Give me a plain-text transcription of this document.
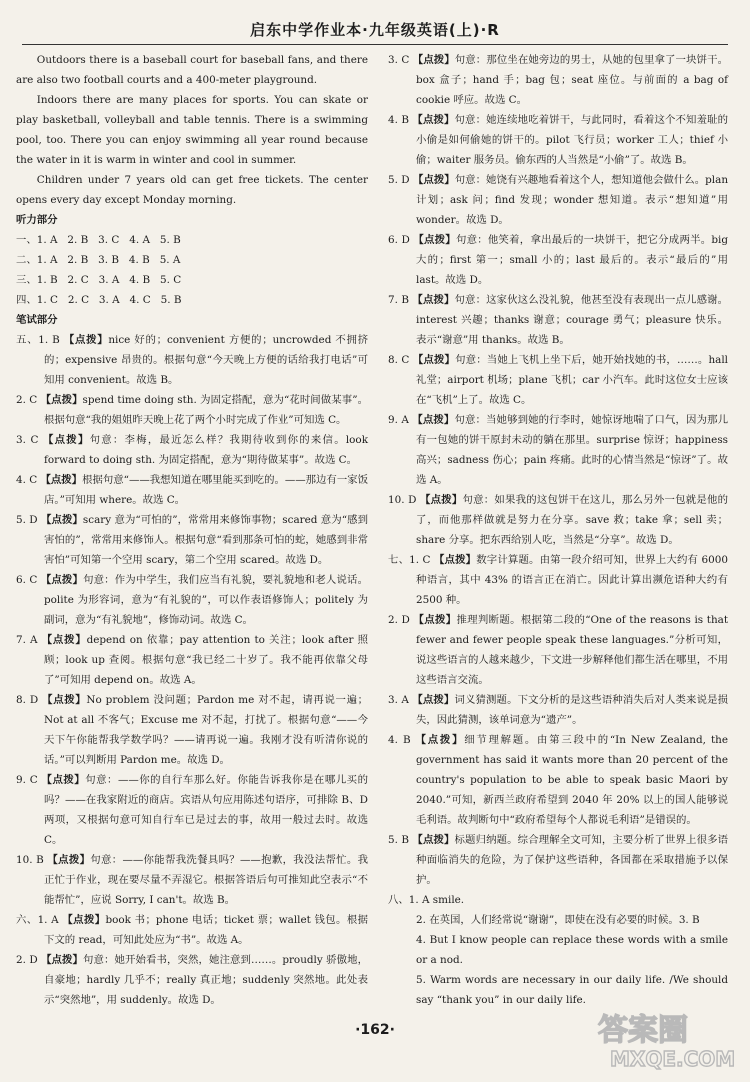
启东中学作业本·九年级英语(上)·R

Outdoors there is a baseball court for baseball fans, and there are also two football courts and a 400-meter playground.

Indoors there are many places for sports. You can skate or play basketball, volleyball and table tennis. There is a swimming pool, too. There you can enjoy swimming all year round because the water in it is warm in winter and cool in summer.

Children under 7 years old can get free tickets. The center opens every day except Monday morning.

听力部分

一、1. A   2. B   3. C   4. A   5. B

二、1. A   2. B   3. B   4. B   5. A

三、1. B   2. C   3. A   4. B   5. C

四、1. C   2. C   3. A   4. C   5. B

笔试部分

五、1. B 【点拨】nice 好的；convenient 方便的；uncrowded 不拥挤的；expensive 昂贵的。根据句意“今天晚上方便的话给我打电话”可知用 convenient。故选 B。

2. C 【点拨】spend time doing sth. 为固定搭配，意为“花时间做某事”。根据句意“我的姐姐昨天晚上花了两个小时完成了作业”可知选 C。

3. C 【点拨】句意：李梅，最近怎么样？我期待收到你的来信。look forward to doing sth. 为固定搭配，意为“期待做某事”。故选 C。

4. C 【点拨】根据句意“——我想知道在哪里能买到吃的。——那边有一家饭店。”可知用 where。故选 C。

5. D 【点拨】scary 意为“可怕的”，常常用来修饰事物；scared 意为“感到害怕的”，常常用来修饰人。根据句意“看到那条可怕的蛇，她感到非常害怕”可知第一个空用 scary，第二个空用 scared。故选 D。

6. C 【点拨】句意：作为中学生，我们应当有礼貌，要礼貌地和老人说话。polite 为形容词，意为“有礼貌的”，可以作表语修饰人；politely 为副词，意为“有礼貌地”，修饰动词。故选 C。

7. A 【点拨】depend on 依靠；pay attention to 关注；look after 照顾；look up 查阅。根据句意“我已经二十岁了。我不能再依靠父母了”可知用 depend on。故选 A。

8. D 【点拨】No problem 没问题；Pardon me 对不起，请再说一遍；Not at all 不客气；Excuse me 对不起，打扰了。根据句意“——今天下午你能帮我学数学吗？——请再说一遍。我刚才没有听清你说的话。”可以判断用 Pardon me。故选 D。

9. C 【点拨】句意：——你的自行车那么好。你能告诉我你是在哪儿买的吗？——在我家附近的商店。宾语从句应用陈述句语序，可排除 B、D 两项，又根据句意可知自行车已是过去的事，故用一般过去时。故选 C。

10. B 【点拨】句意：——你能帮我洗餐具吗？——抱歉，我没法帮忙。我正忙于作业，现在要尽量不弄湿它。根据答语后句可推知此空表示“不能帮忙”，应说 Sorry, I can't。故选 B。

六、1. A 【点拨】book 书；phone 电话；ticket 票；wallet 钱包。根据下文的 read，可知此处应为“书”。故选 A。

2. D 【点拨】句意：她开始看书，突然，她注意到……。proudly 骄傲地，自豪地；hardly 几乎不；really 真正地；suddenly 突然地。此处表示“突然地”，用 suddenly。故选 D。

3. C 【点拨】句意：那位坐在她旁边的男士，从她的包里拿了一块饼干。box 盒子；hand 手；bag 包；seat 座位。与前面的 a bag of cookie 呼应。故选 C。

4. B 【点拨】句意：她连续地吃着饼干，与此同时，看着这个不知羞耻的小偷是如何偷她的饼干的。pilot 飞行员；worker 工人；thief 小偷；waiter 服务员。偷东西的人当然是“小偷”了。故选 B。

5. D 【点拨】句意：她饶有兴趣地看着这个人，想知道他会做什么。plan 计划；ask 问；find 发现；wonder 想知道。表示“想知道”用 wonder。故选 D。

6. D 【点拨】句意：他笑着，拿出最后的一块饼干，把它分成两半。big 大的；first 第一；small 小的；last 最后的。表示“最后的”用 last。故选 D。

7. B 【点拨】句意：这家伙这么没礼貌，他甚至没有表现出一点儿感谢。interest 兴趣；thanks 谢意；courage 勇气；pleasure 快乐。表示“谢意”用 thanks。故选 B。

8. C 【点拨】句意：当她上飞机上坐下后，她开始找她的书，……。hall 礼堂；airport 机场；plane 飞机；car 小汽车。此时这位女士应该在“飞机”上了。故选 C。

9. A 【点拨】句意：当她够到她的行李时，她惊讶地喘了口气，因为那儿有一包她的饼干原封未动的躺在那里。surprise 惊讶；happiness 高兴；sadness 伤心；pain 疼痛。此时的心情当然是“惊讶”了。故选 A。

10. D 【点拨】句意：如果我的这包饼干在这儿，那么另外一包就是他的了，而他那样做就是努力在分享。save 救；take 拿；sell 卖；share 分享。把东西给别人吃，当然是“分享”。故选 D。

七、1. C 【点拨】数字计算题。由第一段介绍可知，世界上大约有 6000 种语言，其中 43% 的语言正在消亡。因此计算出濒危语种大约有 2500 种。

2. D 【点拨】推理判断题。根据第二段的“One of the reasons is that fewer and fewer people speak these languages.”分析可知，说这些语言的人越来越少，下文进一步解释他们都生活在哪里，不用这些语言交流。

3. A 【点拨】词义猜测题。下文分析的是这些语种消失后对人类来说是损失，因此猜测，该单词意为“遗产”。

4. B 【点拨】细节理解题。由第三段中的“In New Zealand, the government has said it wants more than 20 percent of the country's population to be able to speak basic Maori by 2040.”可知，新西兰政府希望到 2040 年 20% 以上的国人能够说毛利语。故判断句中“政府希望每个人都说毛利语”是错误的。

5. B 【点拨】标题归纳题。综合理解全文可知，主要分析了世界上很多语种面临消失的危险，为了保护这些语种，各国都在采取措施予以保护。

八、1. A smile.

2. 在英国，人们经常说“谢谢”，即使在没有必要的时候。3. B

4. But I know people can replace these words with a smile or a nod.

5. Warm words are necessary in our daily life. /We should say “thank you” in our daily life.

·162·	答案圈
MXQE.COM
